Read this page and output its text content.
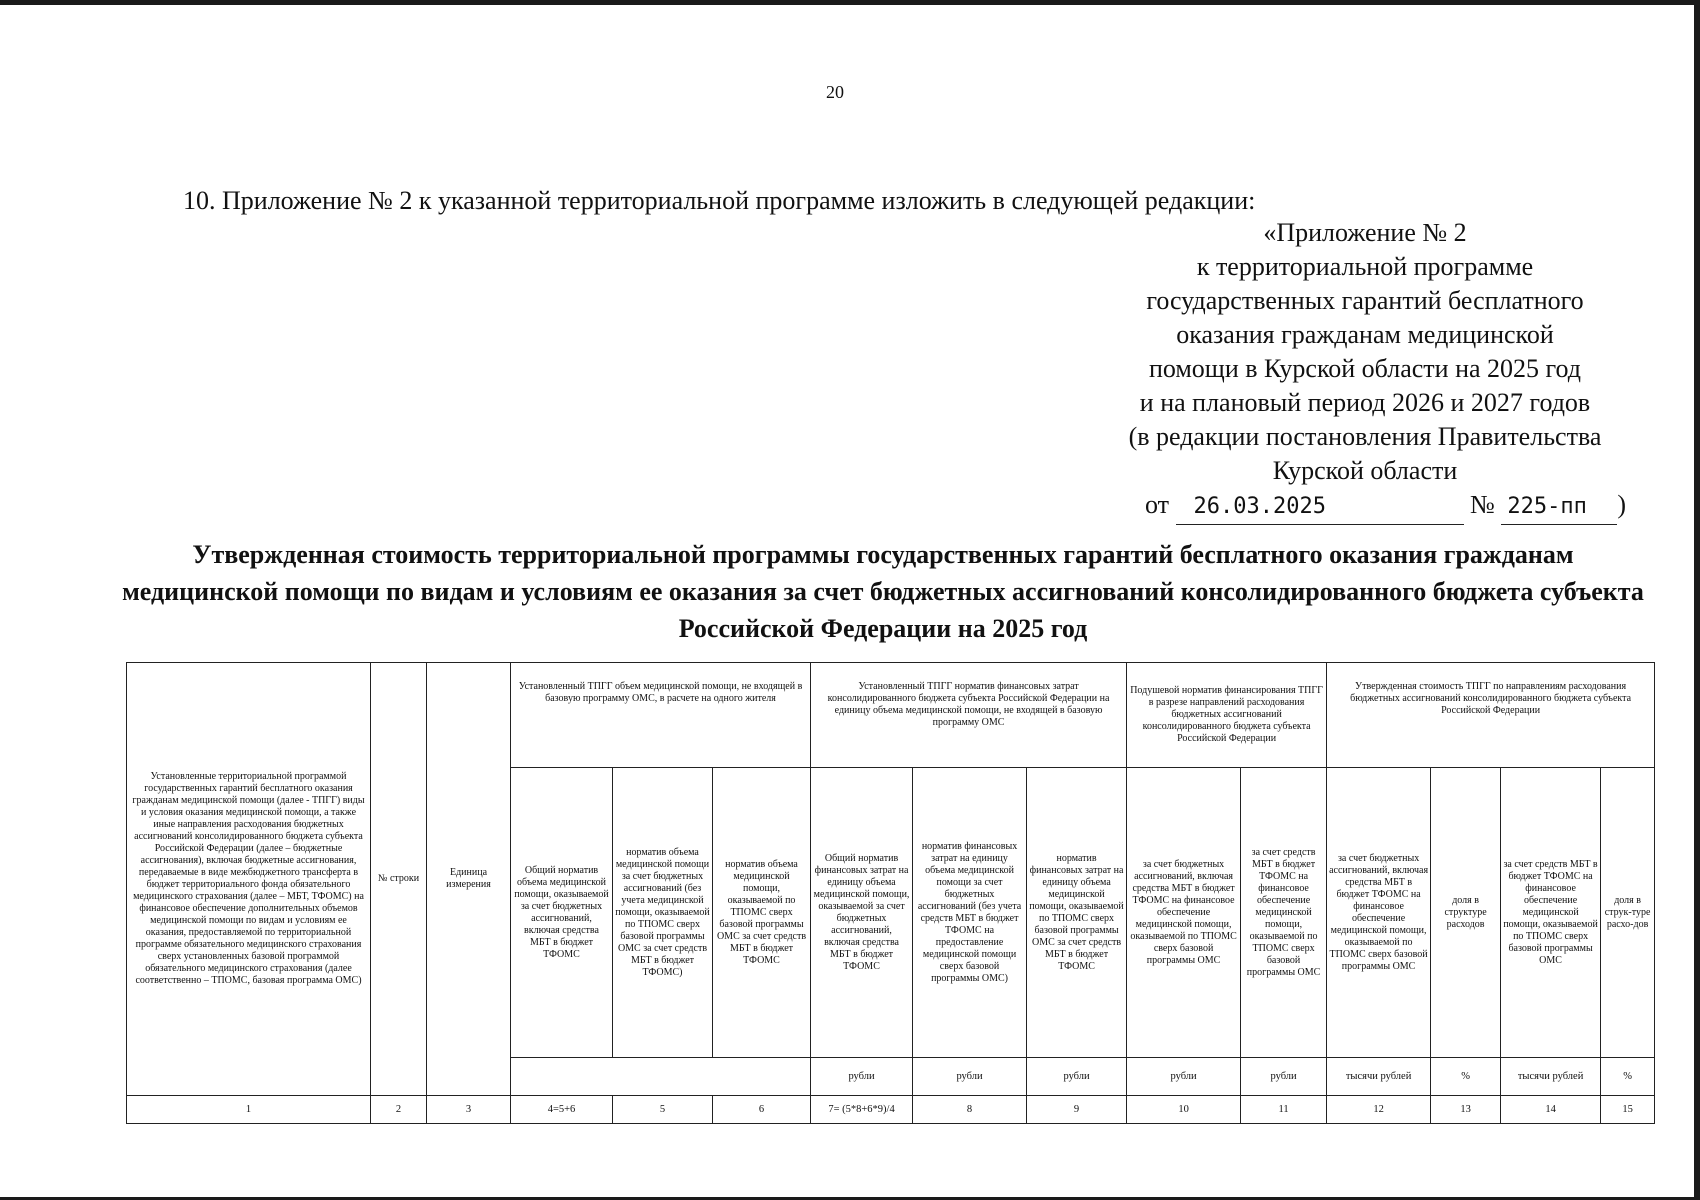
20
10. Приложение № 2 к указанной территориальной программе изложить в следующей редакции:
«Приложение № 2
к территориальной программе
государственных гарантий бесплатного
оказания гражданам медицинской
помощи в Курской области на 2025 год
и на плановый период 2026 и 2027 годов
(в редакции постановления Правительства
Курской области
от 26.03.2025	№ 225-пп )
Утвержденная стоимость территориальной программы государственных гарантий бесплатного оказания гражданам медицинской помощи по видам и условиям ее оказания за счет бюджетных ассигнований консолидированного бюджета субъекта Российской Федерации на 2025 год
Установленные территориальной программой государственных гарантий бесплатного оказания гражданам медицинской помощи (далее - ТПГГ) виды и условия оказания медицинской помощи, а также иные направления расходования бюджетных ассигнований консолидированного бюджета субъекта Российской Федерации (далее – бюджетные ассигнования), включая бюджетные ассигнования, передаваемые в виде межбюджетного трансферта в бюджет территориального фонда обязательного медицинского страхования (далее – МБТ, ТФОМС) на финансовое обеспечение дополнительных объемов медицинской помощи по видам и условиям ее оказания, предоставляемой по территориальной программе обязательного медицинского страхования сверх установленных базовой программой обязательного медицинского страхования (далее соответственно – ТПОМС, базовая программа ОМС)	№ строки	Единица измерения	Установленный ТПГГ объем медицинской помощи, не входящей в базовую программу ОМС, в расчете на одного жителя			Установленный ТПГГ норматив финансовых затрат консолидированного бюджета субъекта Российской Федерации на единицу объема медицинской помощи, не входящей в базовую программу ОМС			Подушевой норматив финансирования ТПГГ в разрезе направлений расходования бюджетных ассигнований консолидированного бюджета субъекта Российской Федерации		Утвержденная стоимость ТПГГ по направлениям расходования бюджетных ассигнований консолидированного бюджета субъекта Российской Федерации			
			Общий норматив объема медицинской помощи, оказываемой за счет бюджетных ассигнований, включая средства МБТ в бюджет ТФОМС	норматив объема медицинской помощи за счет бюджетных ассигнований (без учета медицинской помощи, оказываемой по ТПОМС сверх базовой программы ОМС за счет средств МБТ в бюджет ТФОМС)	норматив объема медицинской помощи, оказываемой по ТПОМС сверх базовой программы ОМС за счет средств МБТ в бюджет ТФОМС	Общий норматив финансовых затрат на единицу объема медицинской помощи, оказываемой за счет бюджетных ассигнований, включая средства МБТ в бюджет ТФОМС	норматив финансовых затрат на единицу объема медицинской помощи за счет бюджетных ассигнований (без учета средств МБТ в бюджет ТФОМС на предоставление медицинской помощи сверх базовой программы ОМС)	норматив финансовых затрат на единицу объема медицинской помощи, оказываемой по ТПОМС сверх базовой программы ОМС за счет средств МБТ в бюджет ТФОМС	за счет бюджетных ассигнований, включая средства МБТ в бюджет ТФОМС на финансовое обеспечение медицинской помощи, оказываемой по ТПОМС сверх базовой программы ОМС	за счет средств МБТ в бюджет ТФОМС на финансовое обеспечение медицинской помощи, оказываемой по ТПОМС сверх базовой программы ОМС	за счет бюджетных ассигнований, включая средства МБТ в бюджет ТФОМС на финансовое обеспечение медицинской помощи, оказываемой по ТПОМС сверх базовой программы ОМС	доля в структуре расходов	за счет средств МБТ в бюджет ТФОМС на финансовое обеспечение медицинской помощи, оказываемой по ТПОМС сверх базовой программы ОМС	доля в струк-туре расхо-дов
						рубли	рубли	рубли	рубли	рубли	тысячи рублей	%	тысячи рублей	%
1	2	3	4=5+6	5	6	7= (5*8+6*9)/4	8	9	10	11	12	13	14	15
